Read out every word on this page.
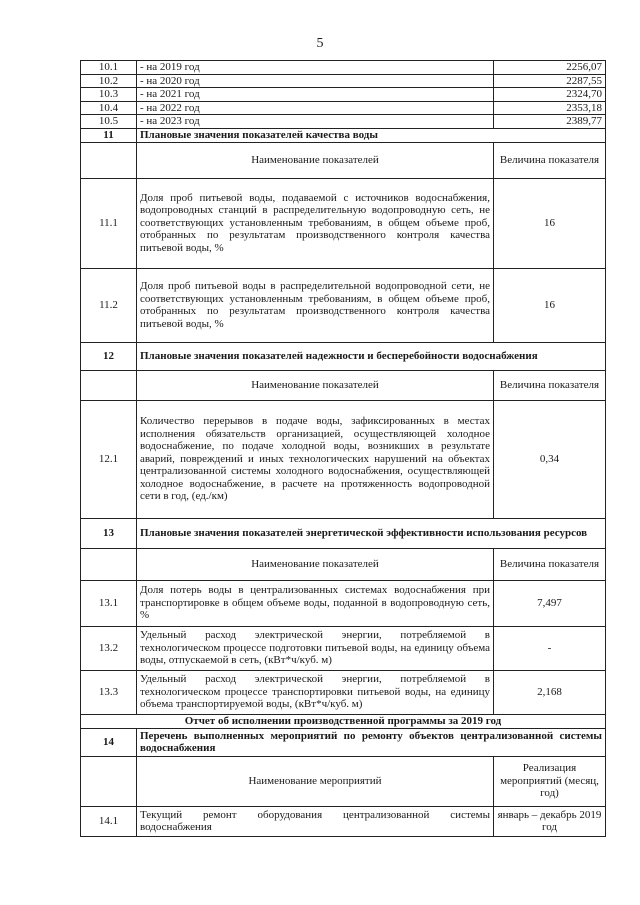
5
10.1	- на 2019 год	2256,07
10.2	- на 2020 год	2287,55
10.3	- на 2021 год	2324,70
10.4	- на 2022 год	2353,18
10.5	- на 2023 год	2389,77
11	Плановые значения показателей качества воды	
	Наименование показателей	Величина показателя
11.1	Доля проб питьевой воды, подаваемой с источников водоснабжения, водопроводных станций в распределительную водопроводную сеть, не соответствующих установленным требованиям, в общем объеме проб, отобранных по результатам производственного контроля качества питьевой воды, %	16
11.2	Доля проб питьевой воды в распределительной водопроводной сети, не соответствующих установленным требованиям, в общем объеме проб, отобранных по результатам производственного контроля качества питьевой воды, %	16
12	Плановые значения показателей надежности и бесперебойности водоснабжения	
	Наименование показателей	Величина показателя
12.1	Количество перерывов в подаче воды, зафиксированных в местах исполнения обязательств организацией, осуществляющей холодное водоснабжение, по подаче холодной воды, возникших в результате аварий, повреждений и иных технологических нарушений на объектах централизованной системы холодного водоснабжения, осуществляющей холодное водоснабжение, в расчете на протяженность водопроводной сети в год, (ед./км)	0,34
13	Плановые значения показателей энергетической эффективности использования ресурсов	
	Наименование показателей	Величина показателя
13.1	Доля потерь воды в централизованных системах водоснабжения при транспортировке в общем объеме воды, поданной в водопроводную сеть, %	7,497
13.2	Удельный расход электрической энергии, потребляемой в технологическом процессе подготовки питьевой воды, на единицу объема воды, отпускаемой в сеть, (кВт*ч/куб. м)	-
13.3	Удельный расход электрической энергии, потребляемой в технологическом процессе транспортировки питьевой воды, на единицу объема транспортируемой воды, (кВт*ч/куб. м)	2,168
Отчет об исполнении производственной программы за 2019 год		
14	Перечень выполненных мероприятий по ремонту объектов централизованной системы водоснабжения	
	Наименование мероприятий	Реализация мероприятий (месяц, год)
14.1	Текущий ремонт оборудования централизованной системы водоснабжения	январь – декабрь 2019 год
